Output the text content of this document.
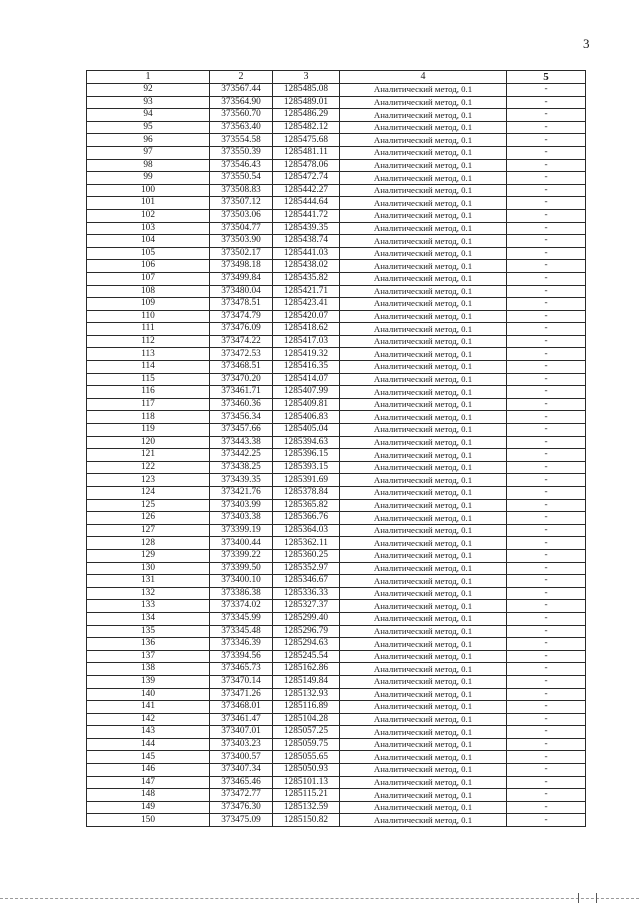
3
1	2	3	4	5
92	373567.44	1285485.08	Аналитический метод, 0.1	-
93	373564.90	1285489.01	Аналитический метод, 0.1	-
94	373560.70	1285486.29	Аналитический метод, 0.1	-
95	373563.40	1285482.12	Аналитический метод, 0.1	-
96	373554.58	1285475.68	Аналитический метод, 0.1	-
97	373550.39	1285481.11	Аналитический метод, 0.1	-
98	373546.43	1285478.06	Аналитический метод, 0.1	-
99	373550.54	1285472.74	Аналитический метод, 0.1	-
100	373508.83	1285442.27	Аналитический метод, 0.1	-
101	373507.12	1285444.64	Аналитический метод, 0.1	-
102	373503.06	1285441.72	Аналитический метод, 0.1	-
103	373504.77	1285439.35	Аналитический метод, 0.1	-
104	373503.90	1285438.74	Аналитический метод, 0.1	-
105	373502.17	1285441.03	Аналитический метод, 0.1	-
106	373498.18	1285438.02	Аналитический метод, 0.1	-
107	373499.84	1285435.82	Аналитический метод, 0.1	-
108	373480.04	1285421.71	Аналитический метод, 0.1	-
109	373478.51	1285423.41	Аналитический метод, 0.1	-
110	373474.79	1285420.07	Аналитический метод, 0.1	-
111	373476.09	1285418.62	Аналитический метод, 0.1	-
112	373474.22	1285417.03	Аналитический метод, 0.1	-
113	373472.53	1285419.32	Аналитический метод, 0.1	-
114	373468.51	1285416.35	Аналитический метод, 0.1	-
115	373470.20	1285414.07	Аналитический метод, 0.1	-
116	373461.71	1285407.99	Аналитический метод, 0.1	-
117	373460.36	1285409.81	Аналитический метод, 0.1	-
118	373456.34	1285406.83	Аналитический метод, 0.1	-
119	373457.66	1285405.04	Аналитический метод, 0.1	-
120	373443.38	1285394.63	Аналитический метод, 0.1	-
121	373442.25	1285396.15	Аналитический метод, 0.1	-
122	373438.25	1285393.15	Аналитический метод, 0.1	-
123	373439.35	1285391.69	Аналитический метод, 0.1	-
124	373421.76	1285378.84	Аналитический метод, 0.1	-
125	373403.99	1285365.82	Аналитический метод, 0.1	-
126	373403.38	1285366.76	Аналитический метод, 0.1	-
127	373399.19	1285364.03	Аналитический метод, 0.1	-
128	373400.44	1285362.11	Аналитический метод, 0.1	-
129	373399.22	1285360.25	Аналитический метод, 0.1	-
130	373399.50	1285352.97	Аналитический метод, 0.1	-
131	373400.10	1285346.67	Аналитический метод, 0.1	-
132	373386.38	1285336.33	Аналитический метод, 0.1	-
133	373374.02	1285327.37	Аналитический метод, 0.1	-
134	373345.99	1285299.40	Аналитический метод, 0.1	-
135	373345.48	1285296.79	Аналитический метод, 0.1	-
136	373346.39	1285294.63	Аналитический метод, 0.1	-
137	373394.56	1285245.54	Аналитический метод, 0.1	-
138	373465.73	1285162.86	Аналитический метод, 0.1	-
139	373470.14	1285149.84	Аналитический метод, 0.1	-
140	373471.26	1285132.93	Аналитический метод, 0.1	-
141	373468.01	1285116.89	Аналитический метод, 0.1	-
142	373461.47	1285104.28	Аналитический метод, 0.1	-
143	373407.01	1285057.25	Аналитический метод, 0.1	-
144	373403.23	1285059.75	Аналитический метод, 0.1	-
145	373400.57	1285055.65	Аналитический метод, 0.1	-
146	373407.34	1285050.93	Аналитический метод, 0.1	-
147	373465.46	1285101.13	Аналитический метод, 0.1	-
148	373472.77	1285115.21	Аналитический метод, 0.1	-
149	373476.30	1285132.59	Аналитический метод, 0.1	-
150	373475.09	1285150.82	Аналитический метод, 0.1	-
